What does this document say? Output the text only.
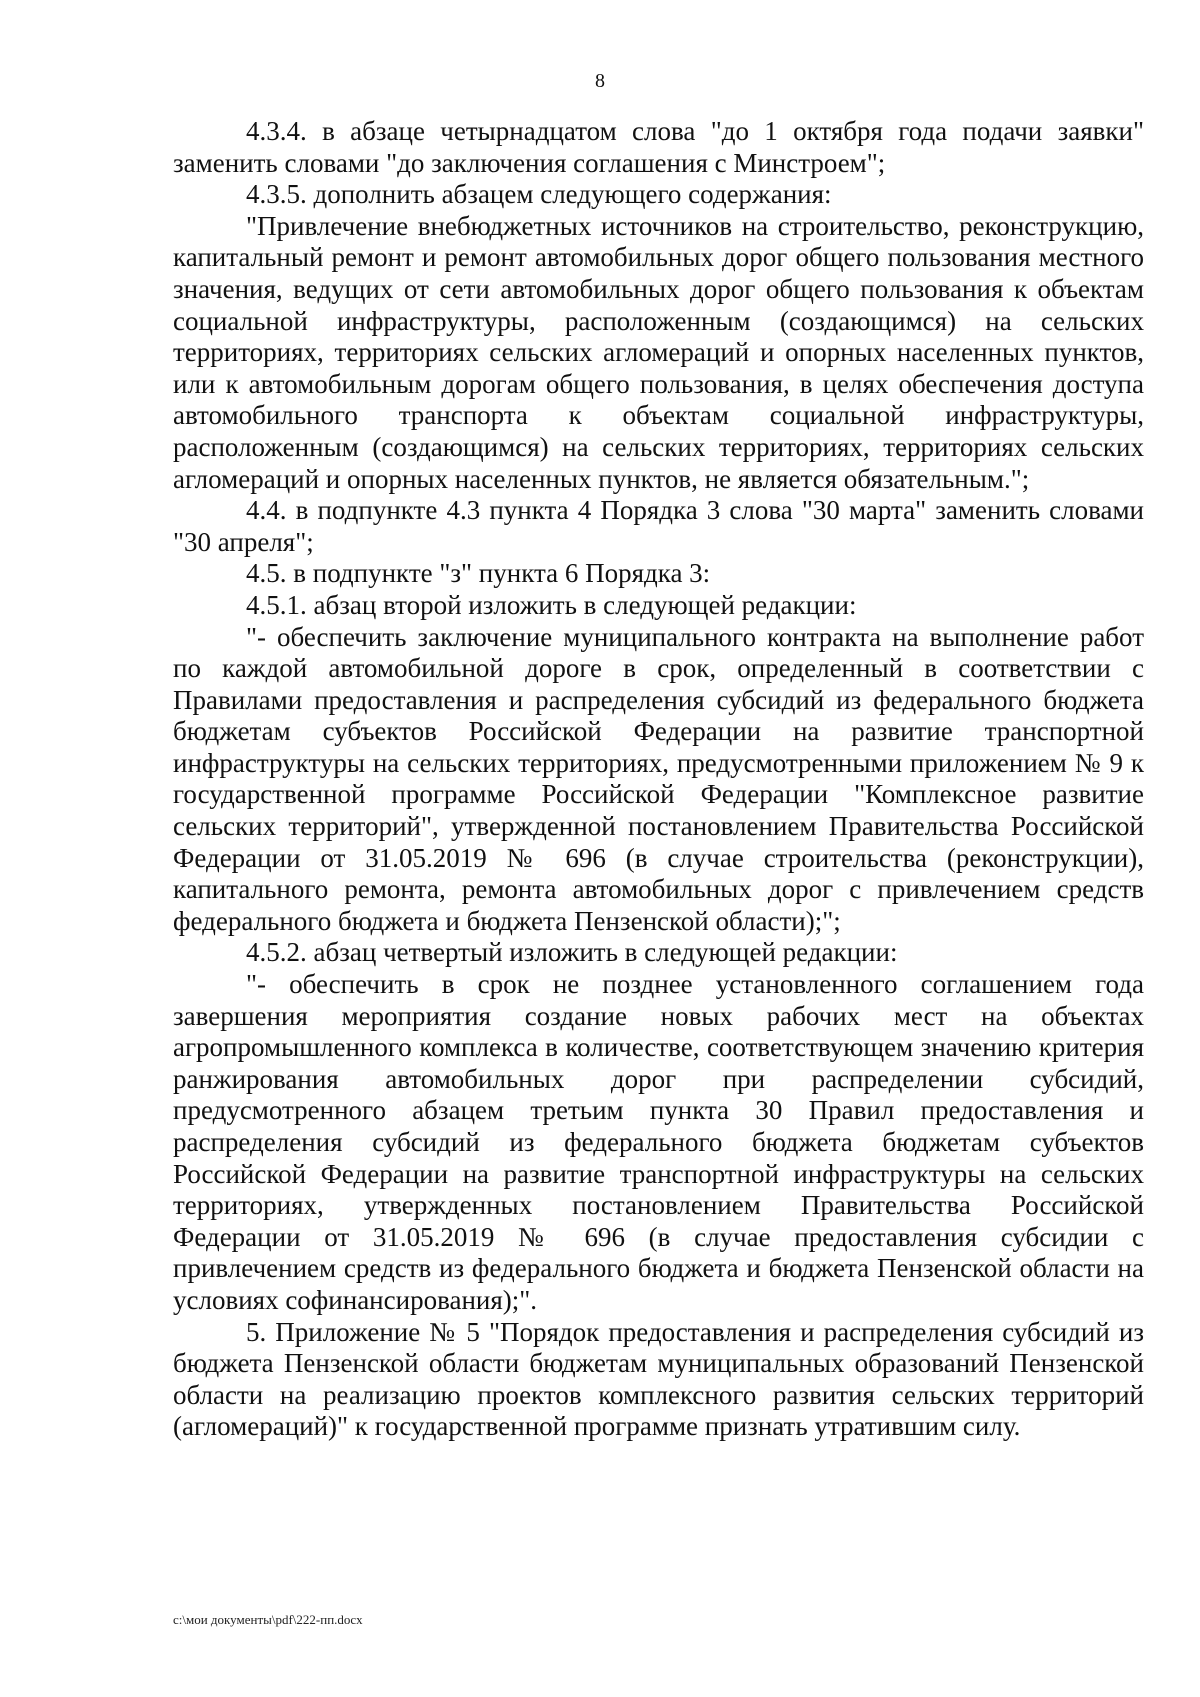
8

4.3.4. в абзаце четырнадцатом слова "до 1 октября года подачи заявки" заменить словами "до заключения соглашения с Минстроем";

4.3.5. дополнить абзацем следующего содержания:

"Привлечение внебюджетных источников на строительство, реконструкцию, капитальный ремонт и ремонт автомобильных дорог общего пользования местного значения, ведущих от сети автомобильных дорог общего пользования к объектам социальной инфраструктуры, расположенным (создающимся) на сельских территориях, территориях сельских агломераций и опорных населенных пунктов, или к автомобильным дорогам общего пользования, в целях обеспечения доступа автомобильного транспорта к объектам социальной инфраструктуры, расположенным (создающимся) на сельских территориях, территориях сельских агломераций и опорных населенных пунктов, не является обязательным.";

4.4. в подпункте 4.3 пункта 4 Порядка 3 слова "30 марта" заменить словами "30 апреля";

4.5. в подпункте "з" пункта 6 Порядка 3:

4.5.1. абзац второй изложить в следующей редакции:

"- обеспечить заключение муниципального контракта на выполнение работ по каждой автомобильной дороге в срок, определенный в соответствии с Правилами предоставления и распределения субсидий из федерального бюджета бюджетам субъектов Российской Федерации на развитие транспортной инфраструктуры на сельских территориях, предусмотренными приложением № 9 к государственной программе Российской Федерации "Комплексное развитие сельских территорий", утвержденной постановлением Правительства Российской Федерации от 31.05.2019 № 696 (в случае строительства (реконструкции), капитального ремонта, ремонта автомобильных дорог с привлечением средств федерального бюджета и бюджета Пензенской области);";

4.5.2. абзац четвертый изложить в следующей редакции:

"- обеспечить в срок не позднее установленного соглашением года завершения мероприятия создание новых рабочих мест на объектах агропромышленного комплекса в количестве, соответствующем значению критерия ранжирования автомобильных дорог при распределении субсидий, предусмотренного абзацем третьим пункта 30 Правил предоставления и распределения субсидий из федерального бюджета бюджетам субъектов Российской Федерации на развитие транспортной инфраструктуры на сельских территориях, утвержденных постановлением Правительства Российской Федерации от 31.05.2019 № 696 (в случае предоставления субсидии с привлечением средств из федерального бюджета и бюджета Пензенской области на условиях софинансирования);".

5. Приложение № 5 "Порядок предоставления и распределения субсидий из бюджета Пензенской области бюджетам муниципальных образований Пензенской области на реализацию проектов комплексного развития сельских территорий (агломераций)" к государственной программе признать утратившим силу.

c:\мои документы\pdf\222-пп.docx
